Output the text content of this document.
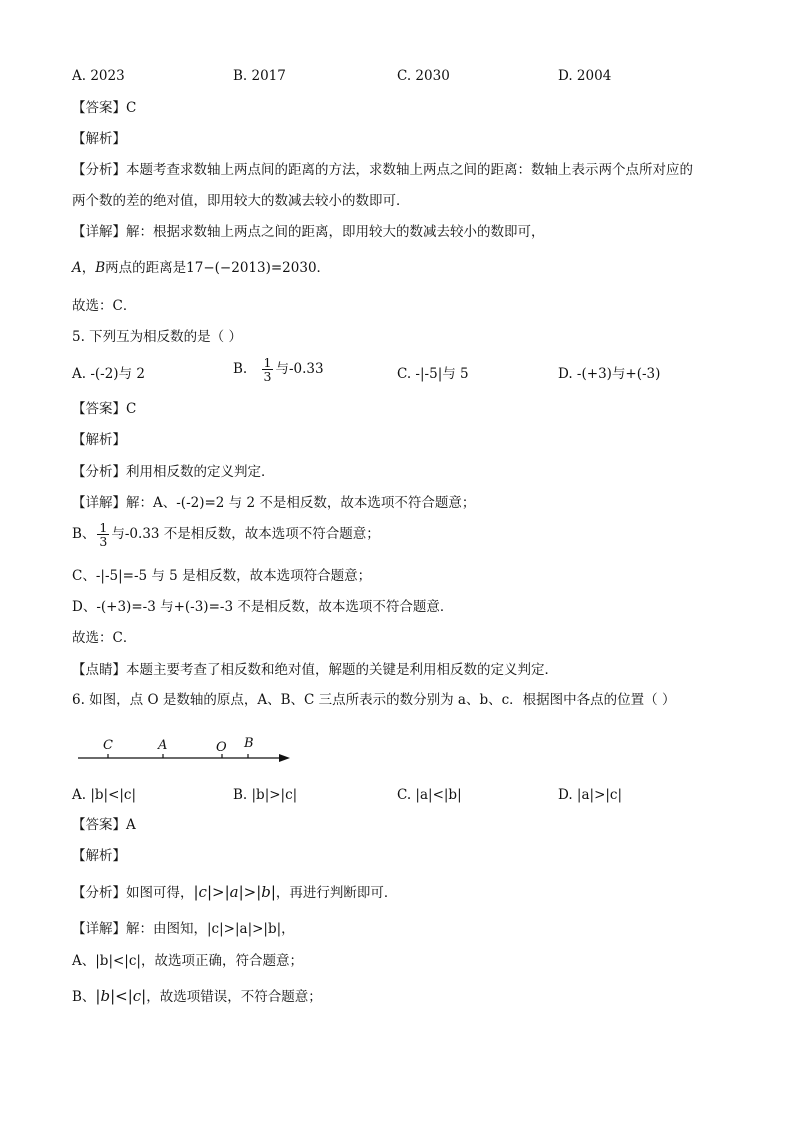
A. 2023	B. 2017	C. 2030	D. 2004
【答案】C
【解析】
【分析】本题考查求数轴上两点间的距离的方法，求数轴上两点之间的距离：数轴上表示两个点所对应的
两个数的差的绝对值，即用较大的数减去较小的数即可．
【详解】解：根据求数轴上两点之间的距离，即用较大的数减去较小的数即可，
A，B两点的距离是17−(−2013)=2030．
故选：C．
5. 下列互为相反数的是（ ）
A. -(-2)与 2	B. $\frac{1}{3}$ 与-0.33	C. -|-5|与 5	D. -(+3)与+(-3)
【答案】C
【解析】
【分析】利用相反数的定义判定．
【详解】解：A、-(-2)=2 与 2 不是相反数，故本选项不符合题意；
B、 $\frac{1}{3}$ 与-0.33 不是相反数，故本选项不符合题意；
C、-|-5|=-5 与 5 是相反数，故本选项符合题意；
D、-(+3)=-3 与+(-3)=-3 不是相反数，故本选项不符合题意．
故选：C．
【点睛】本题主要考查了相反数和绝对值，解题的关键是利用相反数的定义判定．
6. 如图，点 O 是数轴的原点，A、B、C 三点所表示的数分别为 a、b、c．根据图中各点的位置（ ）
C	A	O B
A. |b|<|c|	B. |b|>|c|	C. |a|<|b|	D. |a|>|c|
【答案】A
【解析】
【分析】如图可得，|c|>|a|>|b|，再进行判断即可．
【详解】解：由图知，|c|>|a|>|b|，
A、|b|<|c|，故选项正确，符合题意；
B、|b|<|c|，故选项错误，不符合题意；
